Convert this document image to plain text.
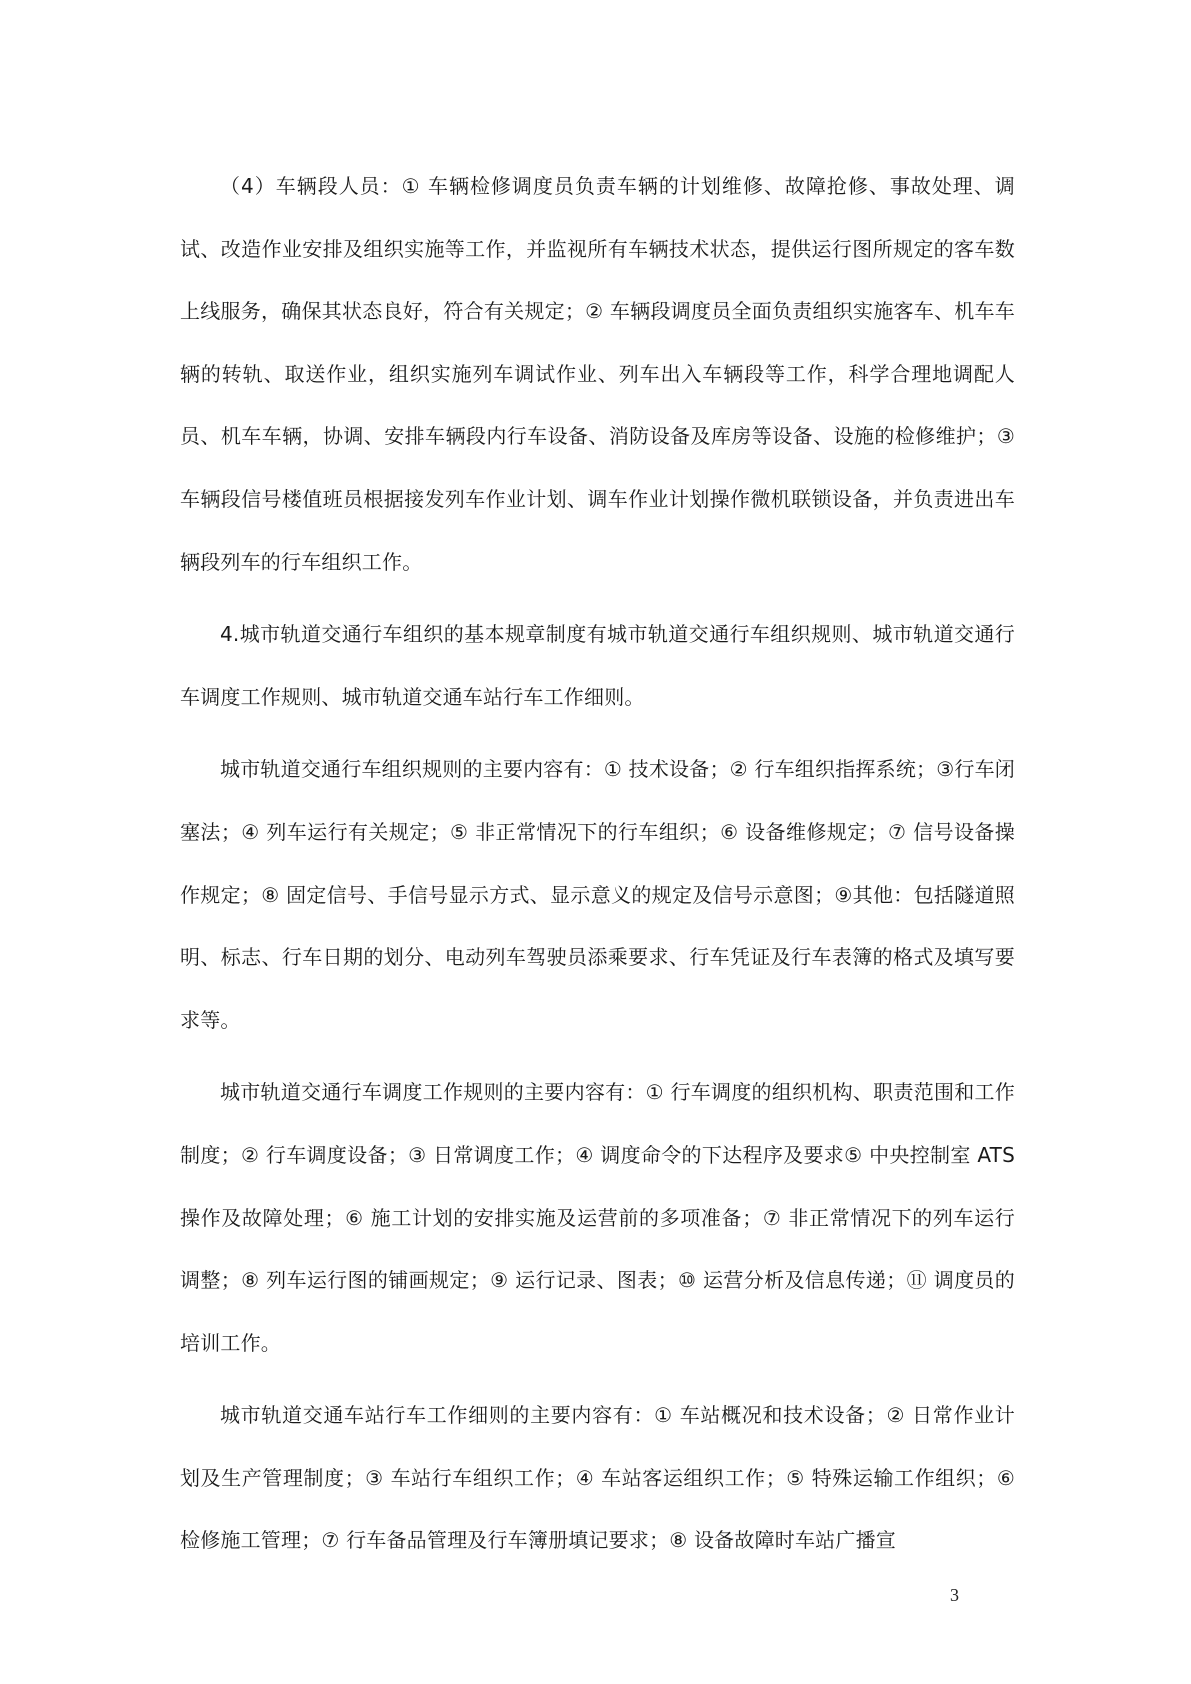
（4）车辆段人员：① 车辆检修调度员负责车辆的计划维修、故障抢修、事故处理、调试、改造作业安排及组织实施等工作，并监视所有车辆技术状态，提供运行图所规定的客车数上线服务，确保其状态良好，符合有关规定；② 车辆段调度员全面负责组织实施客车、机车车辆的转轨、取送作业，组织实施列车调试作业、列车出入车辆段等工作，科学合理地调配人员、机车车辆，协调、安排车辆段内行车设备、消防设备及库房等设备、设施的检修维护；③ 车辆段信号楼值班员根据接发列车作业计划、调车作业计划操作微机联锁设备，并负责进出车辆段列车的行车组织工作。

4.城市轨道交通行车组织的基本规章制度有城市轨道交通行车组织规则、城市轨道交通行车调度工作规则、城市轨道交通车站行车工作细则。

城市轨道交通行车组织规则的主要内容有：① 技术设备；② 行车组织指挥系统；③行车闭塞法；④ 列车运行有关规定；⑤ 非正常情况下的行车组织；⑥ 设备维修规定；⑦ 信号设备操作规定；⑧ 固定信号、手信号显示方式、显示意义的规定及信号示意图；⑨其他：包括隧道照明、标志、行车日期的划分、电动列车驾驶员添乘要求、行车凭证及行车表簿的格式及填写要求等。

城市轨道交通行车调度工作规则的主要内容有：① 行车调度的组织机构、职责范围和工作制度；② 行车调度设备；③ 日常调度工作；④ 调度命令的下达程序及要求⑤ 中央控制室 ATS 操作及故障处理；⑥ 施工计划的安排实施及运营前的多项准备；⑦ 非正常情况下的列车运行调整；⑧ 列车运行图的铺画规定；⑨ 运行记录、图表；⑩ 运营分析及信息传递；⑪ 调度员的培训工作。

城市轨道交通车站行车工作细则的主要内容有：① 车站概况和技术设备；② 日常作业计划及生产管理制度；③ 车站行车组织工作；④ 车站客运组织工作；⑤ 特殊运输工作组织；⑥ 检修施工管理；⑦ 行车备品管理及行车簿册填记要求；⑧ 设备故障时车站广播宣

3
